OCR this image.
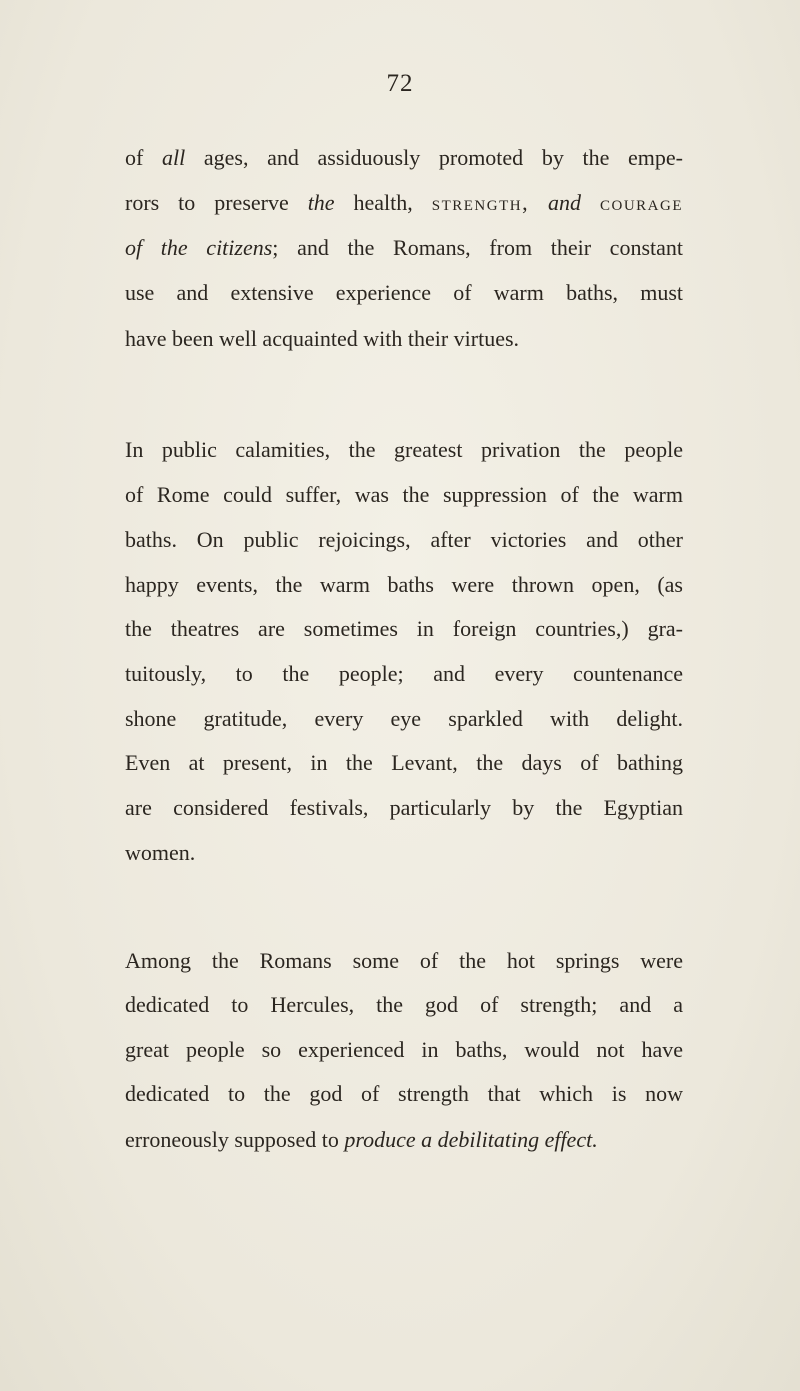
72
of all ages, and assiduously promoted by the empe-
rors to preserve the health, strength, and courage
of the citizens; and the Romans, from their constant
use and extensive experience of warm baths, must
have been well acquainted with their virtues.
In public calamities, the greatest privation the people
of Rome could suffer, was the suppression of the warm
baths. On public rejoicings, after victories and other
happy events, the warm baths were thrown open, (as
the theatres are sometimes in foreign countries,) gra-
tuitously, to the people; and every countenance
shone gratitude, every eye sparkled with delight.
Even at present, in the Levant, the days of bathing
are considered festivals, particularly by the Egyptian
women.
Among the Romans some of the hot springs were
dedicated to Hercules, the god of strength; and a
great people so experienced in baths, would not have
dedicated to the god of strength that which is now
erroneously supposed to produce a debilitating effect.
